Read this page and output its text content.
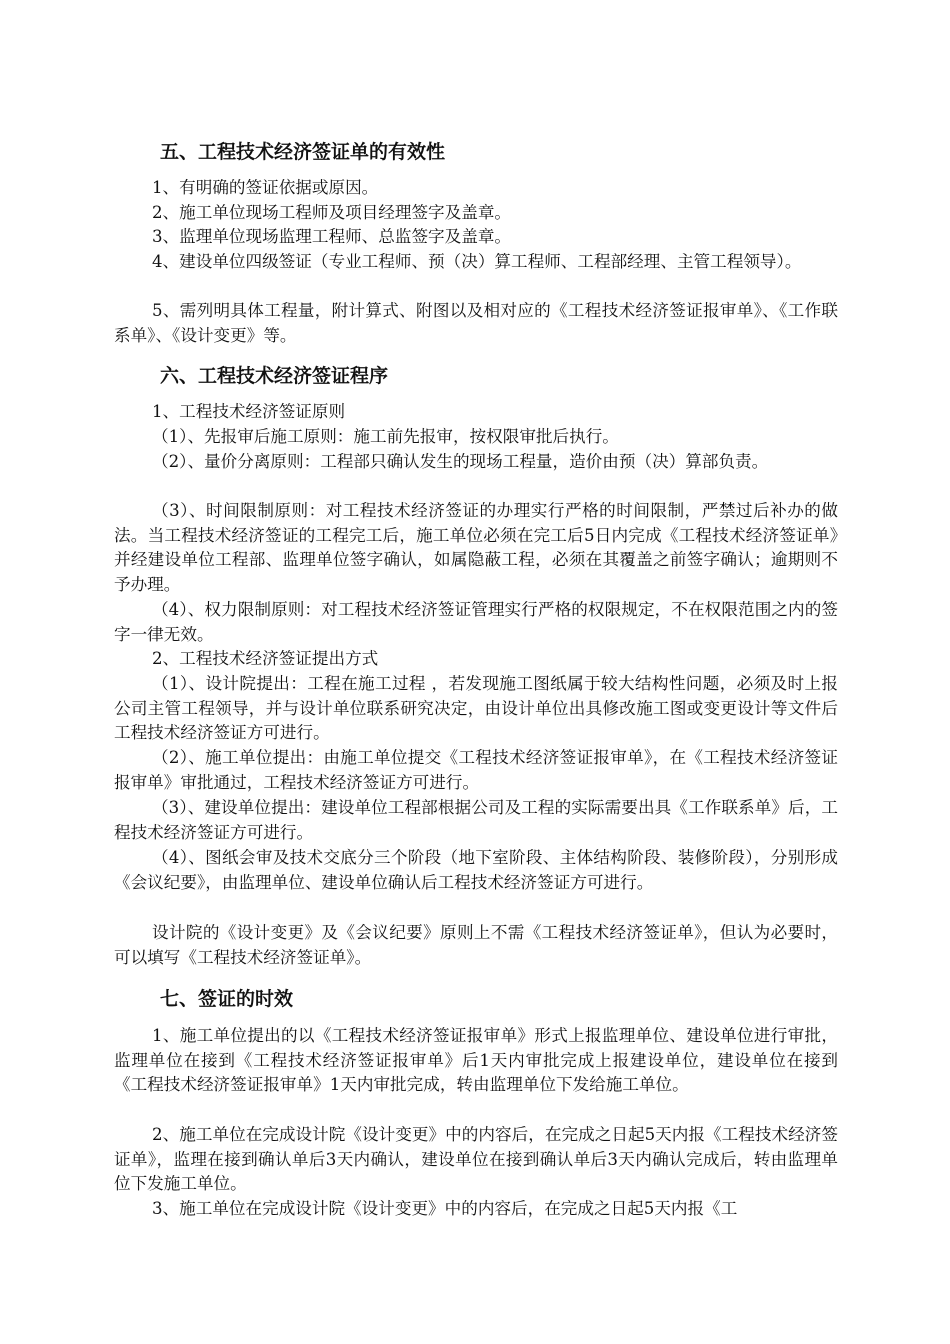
五、工程技术经济签证单的有效性

1、有明确的签证依据或原因。

2、施工单位现场工程师及项目经理签字及盖章。

3、监理单位现场监理工程师、总监签字及盖章。

4、建设单位四级签证（专业工程师、预（决）算工程师、工程部经理、主管工程领导）。

5、需列明具体工程量，附计算式、附图以及相对应的《工程技术经济签证报审单》、《工作联系单》、《设计变更》等。

六、工程技术经济签证程序

1、工程技术经济签证原则

（1）、先报审后施工原则：施工前先报审，按权限审批后执行。

（2）、量价分离原则：工程部只确认发生的现场工程量，造价由预（决）算部负责。

（3）、时间限制原则：对工程技术经济签证的办理实行严格的时间限制，严禁过后补办的做法。当工程技术经济签证的工程完工后，施工单位必须在完工后5日内完成《工程技术经济签证单》并经建设单位工程部、监理单位签字确认，如属隐蔽工程，必须在其覆盖之前签字确认；逾期则不予办理。

（4）、权力限制原则：对工程技术经济签证管理实行严格的权限规定，不在权限范围之内的签字一律无效。

2、工程技术经济签证提出方式

（1）、设计院提出：工程在施工过程 ，若发现施工图纸属于较大结构性问题，必须及时上报公司主管工程领导，并与设计单位联系研究决定，由设计单位出具修改施工图或变更设计等文件后工程技术经济签证方可进行。

（2）、施工单位提出：由施工单位提交《工程技术经济签证报审单》，在《工程技术经济签证报审单》审批通过，工程技术经济签证方可进行。

（3）、建设单位提出：建设单位工程部根据公司及工程的实际需要出具《工作联系单》后，工程技术经济签证方可进行。

（4）、图纸会审及技术交底分三个阶段（地下室阶段、主体结构阶段、装修阶段），分别形成《会议纪要》，由监理单位、建设单位确认后工程技术经济签证方可进行。

设计院的《设计变更》及《会议纪要》原则上不需《工程技术经济签证单》，但认为必要时，可以填写《工程技术经济签证单》。

七、签证的时效

1、施工单位提出的以《工程技术经济签证报审单》形式上报监理单位、建设单位进行审批，监理单位在接到《工程技术经济签证报审单》后1天内审批完成上报建设单位，建设单位在接到《工程技术经济签证报审单》1天内审批完成，转由监理单位下发给施工单位。

2、施工单位在完成设计院《设计变更》中的内容后，在完成之日起5天内报《工程技术经济签证单》，监理在接到确认单后3天内确认，建设单位在接到确认单后3天内确认完成后，转由监理单位下发施工单位。

3、施工单位在完成设计院《设计变更》中的内容后，在完成之日起5天内报《工
